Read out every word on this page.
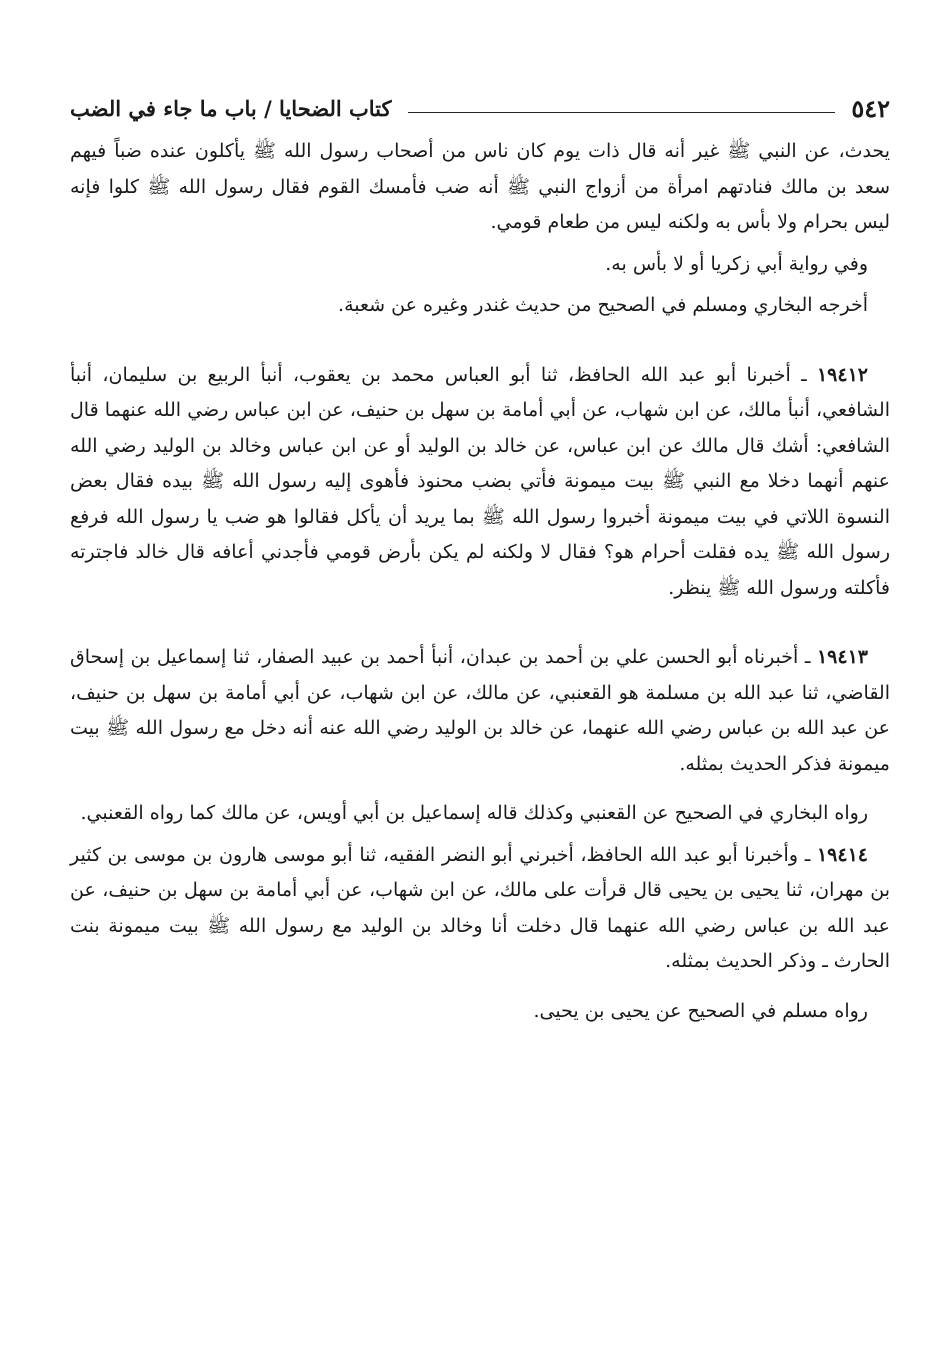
٥٤٢
كتاب الضحايا / باب ما جاء في الضب

يحدث، عن النبي ﷺ غير أنه قال ذات يوم كان ناس من أصحاب رسول الله ﷺ يأكلون عنده ضباً فيهم سعد بن مالك فنادتهم امرأة من أزواج النبي ﷺ أنه ضب فأمسك القوم فقال رسول الله ﷺ كلوا فإنه ليس بحرام ولا بأس به ولكنه ليس من طعام قومي.

وفي رواية أبي زكريا أو لا بأس به.

أخرجه البخاري ومسلم في الصحيح من حديث غندر وغيره عن شعبة.

١٩٤١٢ ـ أخبرنا أبو عبد الله الحافظ، ثنا أبو العباس محمد بن يعقوب، أنبأ الربيع بن سليمان، أنبأ الشافعي، أنبأ مالك، عن ابن شهاب، عن أبي أمامة بن سهل بن حنيف، عن ابن عباس رضي الله عنهما قال الشافعي: أشك قال مالك عن ابن عباس، عن خالد بن الوليد أو عن ابن عباس وخالد بن الوليد رضي الله عنهم أنهما دخلا مع النبي ﷺ بيت ميمونة فأتي بضب محنوذ فأهوى إليه رسول الله ﷺ بيده فقال بعض النسوة اللاتي في بيت ميمونة أخبروا رسول الله ﷺ بما يريد أن يأكل فقالوا هو ضب يا رسول الله فرفع رسول الله ﷺ يده فقلت أحرام هو؟ فقال لا ولكنه لم يكن بأرض قومي فأجدني أعافه قال خالد فاجترته فأكلته ورسول الله ﷺ ينظر.

١٩٤١٣ ـ أخبرناه أبو الحسن علي بن أحمد بن عبدان، أنبأ أحمد بن عبيد الصفار، ثنا إسماعيل بن إسحاق القاضي، ثنا عبد الله بن مسلمة هو القعنبي، عن مالك، عن ابن شهاب، عن أبي أمامة بن سهل بن حنيف، عن عبد الله بن عباس رضي الله عنهما، عن خالد بن الوليد رضي الله عنه أنه دخل مع رسول الله ﷺ بيت ميمونة فذكر الحديث بمثله.

رواه البخاري في الصحيح عن القعنبي وكذلك قاله إسماعيل بن أبي أويس، عن مالك كما رواه القعنبي.

١٩٤١٤ ـ وأخبرنا أبو عبد الله الحافظ، أخبرني أبو النضر الفقيه، ثنا أبو موسى هارون بن موسى بن كثير بن مهران، ثنا يحيى بن يحيى قال قرأت على مالك، عن ابن شهاب، عن أبي أمامة بن سهل بن حنيف، عن عبد الله بن عباس رضي الله عنهما قال دخلت أنا وخالد بن الوليد مع رسول الله ﷺ بيت ميمونة بنت الحارث ـ وذكر الحديث بمثله.

رواه مسلم في الصحيح عن يحيى بن يحيى.
